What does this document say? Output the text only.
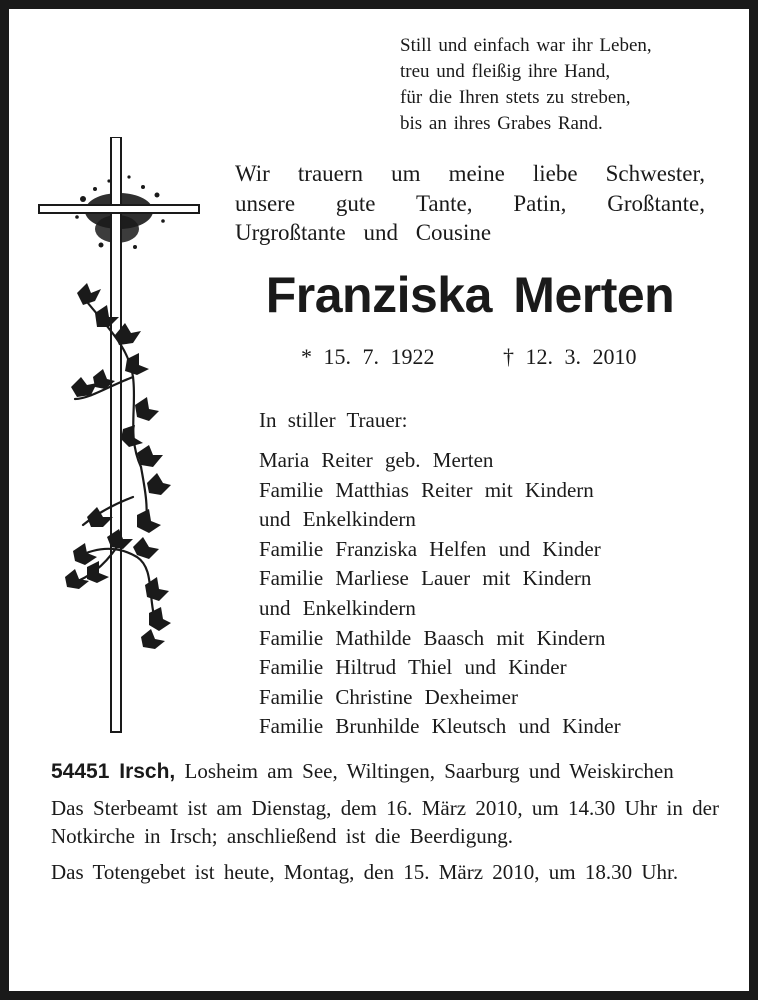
Still und einfach war ihr Leben,
treu und fleißig ihre Hand,
für die Ihren stets zu streben,
bis an ihres Grabes Rand.
Wir trauern um meine liebe Schwester,
unsere gute Tante, Patin, Großtante,
Urgroßtante und Cousine
Franziska Merten
* 15. 7. 1922	† 12. 3. 2010
In stiller Trauer:
Maria Reiter geb. Merten
Familie Matthias Reiter mit Kindern
und Enkelkindern
Familie Franziska Helfen und Kinder
Familie Marliese Lauer mit Kindern
und Enkelkindern
Familie Mathilde Baasch mit Kindern
Familie Hiltrud Thiel und Kinder
Familie Christine Dexheimer
Familie Brunhilde Kleutsch und Kinder

54451 Irsch, Losheim am See, Wiltingen, Saarburg und Weiskirchen

Das Sterbeamt ist am Dienstag, dem 16. März 2010, um 14.30 Uhr in der Notkirche in Irsch; anschließend ist die Beerdigung.

Das Totengebet ist heute, Montag, den 15. März 2010, um 18.30 Uhr.
